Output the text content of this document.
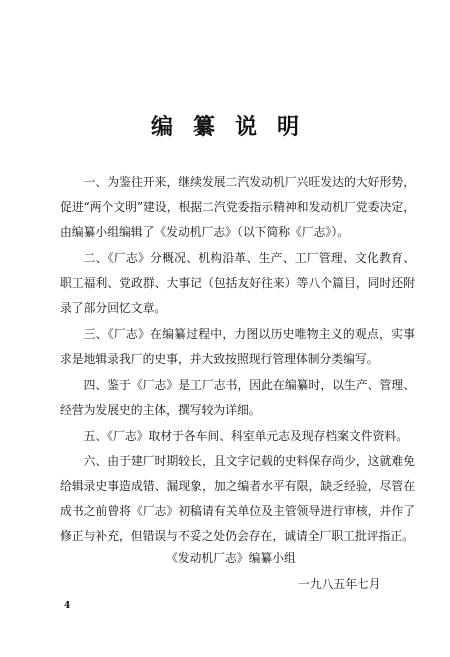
编纂说明

一、为鉴往开来，继续发展二汽发动机厂兴旺发达的大好形势，促进“两个文明”建设，根据二汽党委指示精神和发动机厂党委决定，由编纂小组编辑了《发动机厂志》（以下简称《厂志》）。

二、《厂志》分概况、机构沿革、生产、工厂管理、文化教育、职工福利、党政群、大事记（包括友好往来）等八个篇目，同时还附录了部分回忆文章。

三、《厂志》在编纂过程中，力图以历史唯物主义的观点，实事求是地辑录我厂的史事，并大致按照现行管理体制分类编写。

四、鉴于《厂志》是工厂志书，因此在编纂时，以生产、管理、经营为发展史的主体，撰写较为详细。

五、《厂志》取材于各车间、科室单元志及现存档案文件资料。

六、由于建厂时期较长，且文字记载的史料保存尚少，这就难免给辑录史事造成错、漏现象，加之编者水平有限，缺乏经验，尽管在成书之前曾将《厂志》初稿请有关单位及主管领导进行审核，并作了修正与补充，但错误与不妥之处仍会存在，诚请全厂职工批评指正。

《发动机厂志》编纂小组
一九八五年七月
4
